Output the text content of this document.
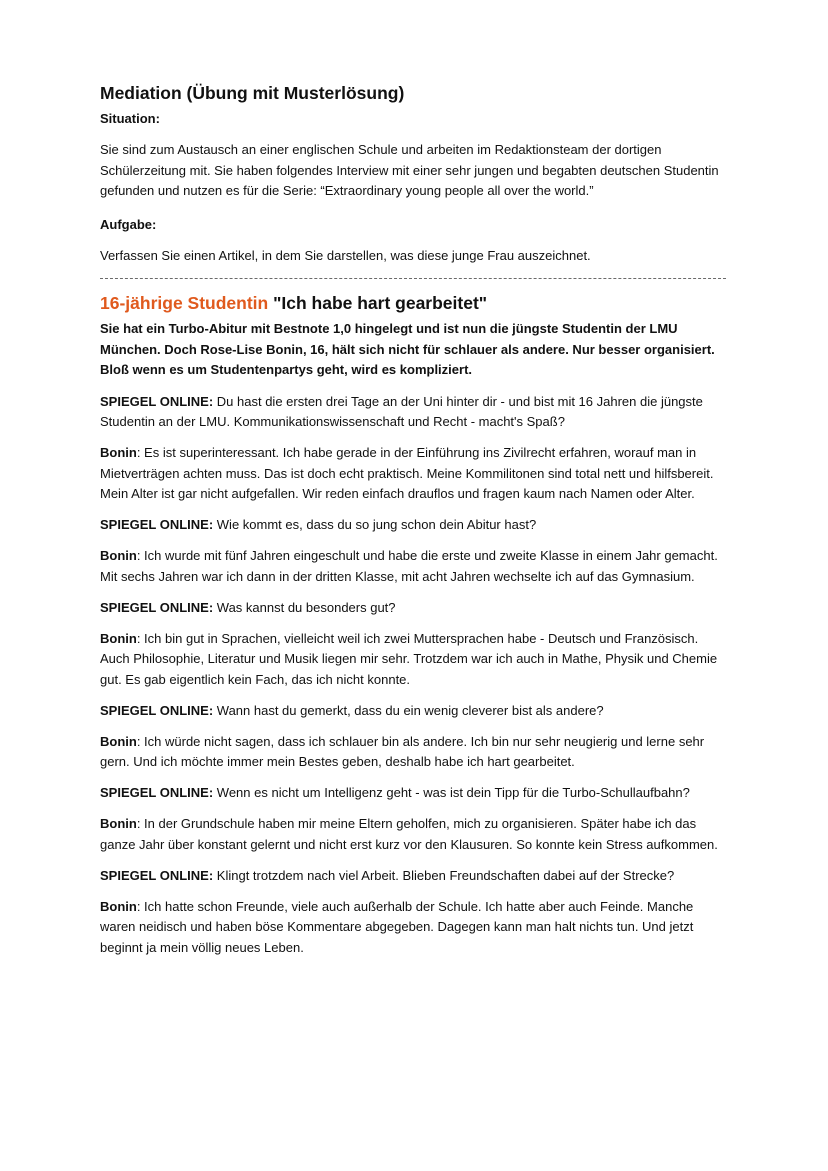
Mediation (Übung mit Musterlösung)

Situation:

Sie sind zum Austausch an einer englischen Schule und arbeiten im Redaktionsteam der dortigen Schülerzeitung mit. Sie haben folgendes Interview mit einer sehr jungen und begabten deutschen Studentin gefunden und nutzen es für die Serie: “Extraordinary young people all over the world.”

Aufgabe:

Verfassen Sie einen Artikel, in dem Sie darstellen, was diese junge Frau auszeichnet.

16-jährige Studentin "Ich habe hart gearbeitet"

Sie hat ein Turbo-Abitur mit Bestnote 1,0 hingelegt und ist nun die jüngste Studentin der LMU München. Doch Rose-Lise Bonin, 16, hält sich nicht für schlauer als andere. Nur besser organisiert. Bloß wenn es um Studentenpartys geht, wird es kompliziert.

SPIEGEL ONLINE: Du hast die ersten drei Tage an der Uni hinter dir - und bist mit 16 Jahren die jüngste Studentin an der LMU. Kommunikationswissenschaft und Recht - macht's Spaß?

Bonin: Es ist superinteressant. Ich habe gerade in der Einführung ins Zivilrecht erfahren, worauf man in Mietverträgen achten muss. Das ist doch echt praktisch. Meine Kommilitonen sind total nett und hilfsbereit. Mein Alter ist gar nicht aufgefallen. Wir reden einfach drauflos und fragen kaum nach Namen oder Alter.

SPIEGEL ONLINE: Wie kommt es, dass du so jung schon dein Abitur hast?

Bonin: Ich wurde mit fünf Jahren eingeschult und habe die erste und zweite Klasse in einem Jahr gemacht. Mit sechs Jahren war ich dann in der dritten Klasse, mit acht Jahren wechselte ich auf das Gymnasium.

SPIEGEL ONLINE: Was kannst du besonders gut?

Bonin: Ich bin gut in Sprachen, vielleicht weil ich zwei Muttersprachen habe - Deutsch und Französisch. Auch Philosophie, Literatur und Musik liegen mir sehr. Trotzdem war ich auch in Mathe, Physik und Chemie gut. Es gab eigentlich kein Fach, das ich nicht konnte.

SPIEGEL ONLINE: Wann hast du gemerkt, dass du ein wenig cleverer bist als andere?

Bonin: Ich würde nicht sagen, dass ich schlauer bin als andere. Ich bin nur sehr neugierig und lerne sehr gern. Und ich möchte immer mein Bestes geben, deshalb habe ich hart gearbeitet.

SPIEGEL ONLINE: Wenn es nicht um Intelligenz geht - was ist dein Tipp für die Turbo-Schullaufbahn?

Bonin: In der Grundschule haben mir meine Eltern geholfen, mich zu organisieren. Später habe ich das ganze Jahr über konstant gelernt und nicht erst kurz vor den Klausuren. So konnte kein Stress aufkommen.

SPIEGEL ONLINE: Klingt trotzdem nach viel Arbeit. Blieben Freundschaften dabei auf der Strecke?

Bonin: Ich hatte schon Freunde, viele auch außerhalb der Schule. Ich hatte aber auch Feinde. Manche waren neidisch und haben böse Kommentare abgegeben. Dagegen kann man halt nichts tun. Und jetzt beginnt ja mein völlig neues Leben.
